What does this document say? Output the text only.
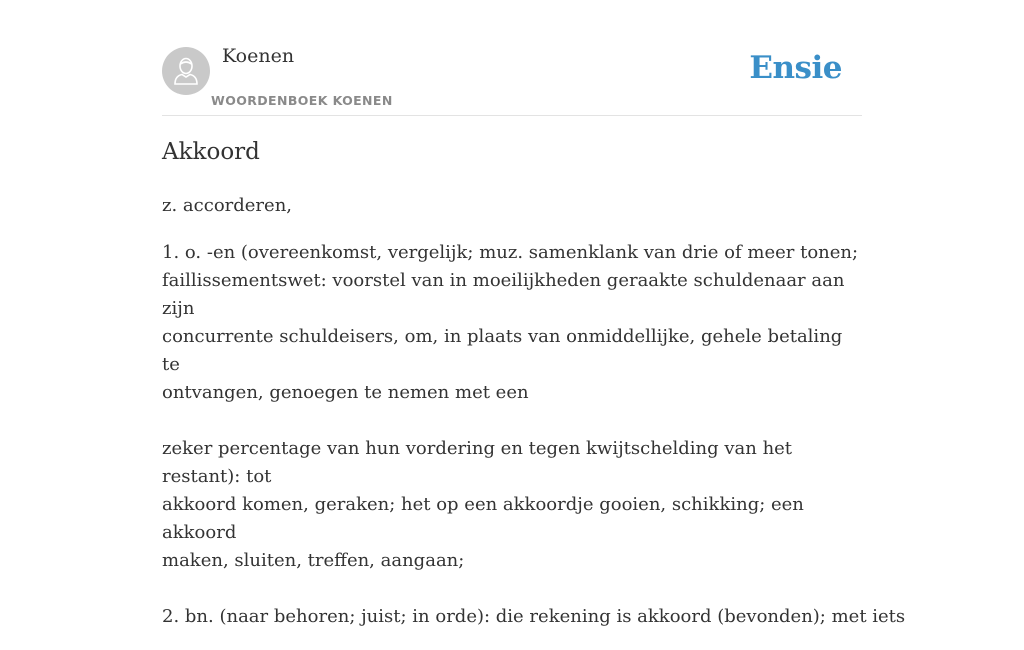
Koenen
WOORDENBOEK KOENEN
Ensie
Akkoord

z. accorderen,

1. o. -en (overeenkomst, vergelijk; muz. samenklank van drie of meer tonen;
faillissementswet: voorstel van in moeilijkheden geraakte schuldenaar aan zijn
concurrente schuldeisers, om, in plaats van onmiddellijke, gehele betaling te
ontvangen, genoegen te nemen met een

zeker percentage van hun vordering en tegen kwijtschelding van het restant): tot
akkoord komen, geraken; het op een akkoordje gooien, schikking; een akkoord
maken, sluiten, treffen, aangaan;

2. bn. (naar behoren; juist; in orde): die rekening is akkoord (bevonden); met iets
